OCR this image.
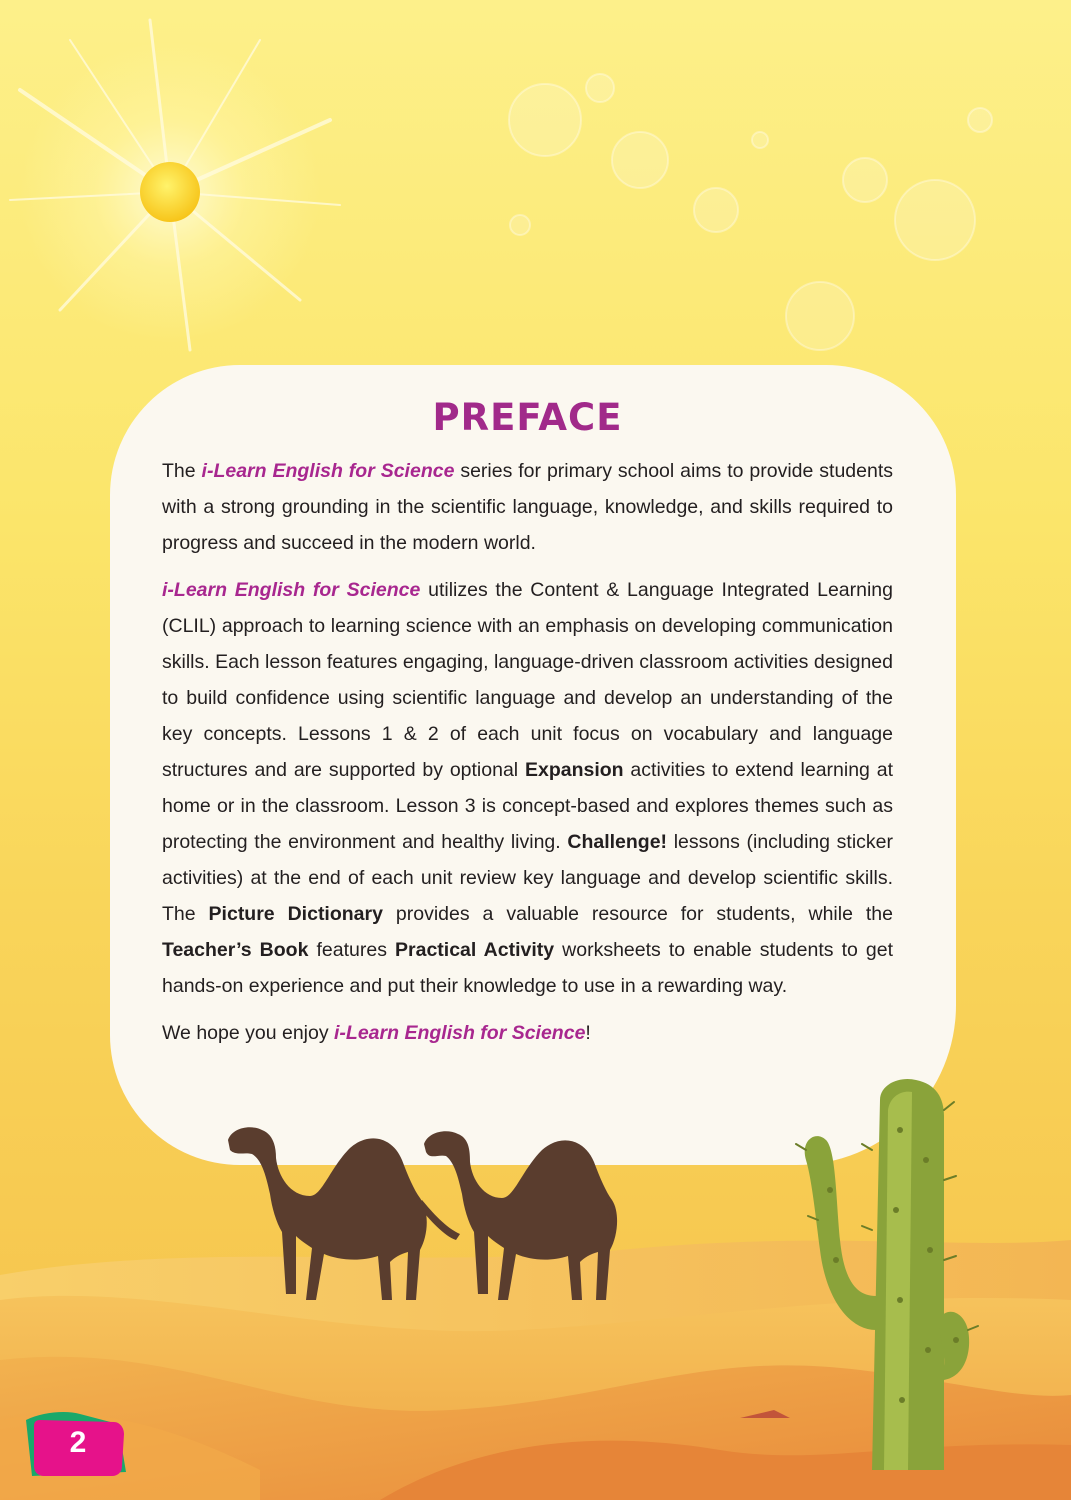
PREFACE

The i-Learn English for Science series for primary school aims to provide students with a strong grounding in the scientific language, knowledge, and skills required to progress and succeed in the modern world.

i-Learn English for Science utilizes the Content & Language Integrated Learning (CLIL) approach to learning science with an emphasis on developing communication skills. Each lesson features engaging, language-driven classroom activities designed to build confidence using scientific language and develop an understanding of the key concepts. Lessons 1 & 2 of each unit focus on vocabulary and language structures and are supported by optional Expansion activities to extend learning at home or in the classroom. Lesson 3 is concept-based and explores themes such as protecting the environment and healthy living. Challenge! lessons (including sticker activities) at the end of each unit review key language and develop scientific skills. The Picture Dictionary provides a valuable resource for students, while the Teacher’s Book features Practical Activity worksheets to enable students to get hands-on experience and put their knowledge to use in a rewarding way.

We hope you enjoy i-Learn English for Science!

2
